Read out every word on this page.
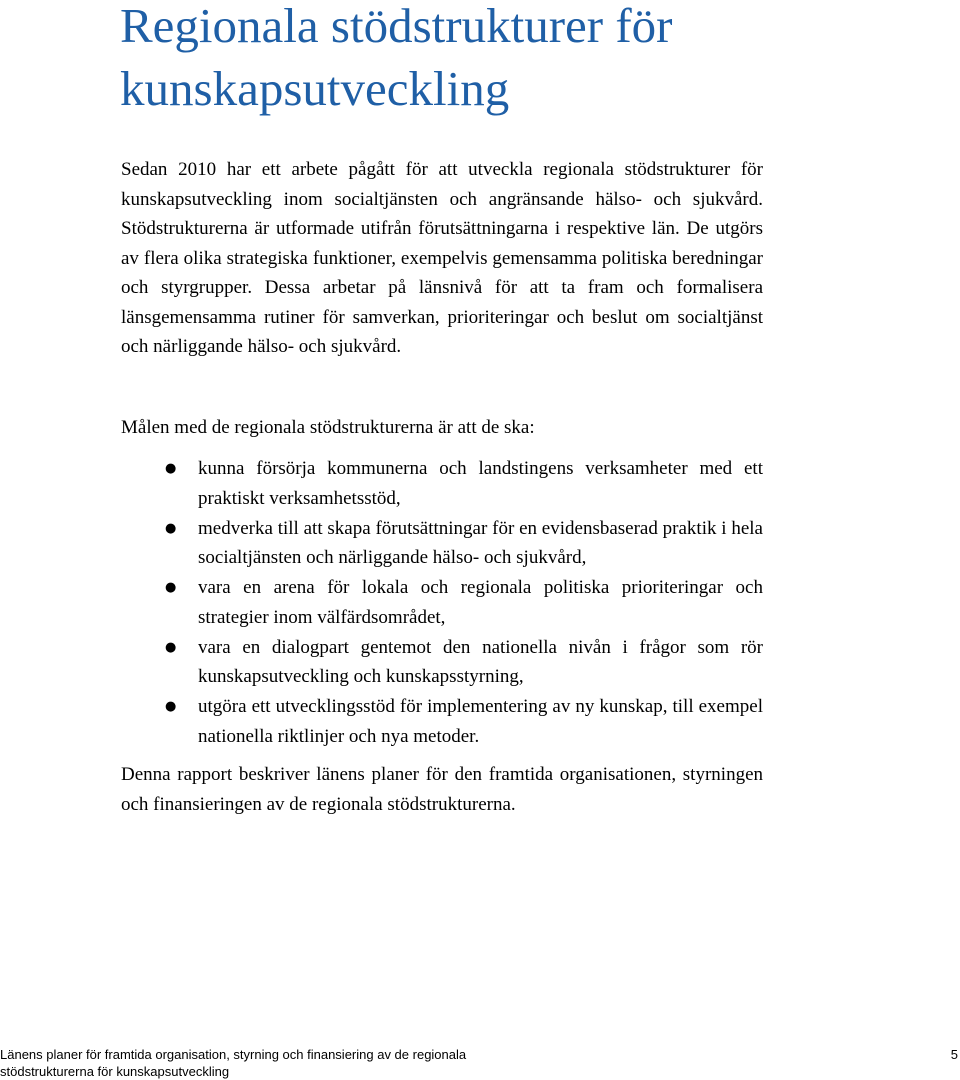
Regionala stödstrukturer för kunskapsutveckling

Sedan 2010 har ett arbete pågått för att utveckla regionala stödstrukturer för kunskapsutveckling inom socialtjänsten och angränsande hälso- och sjukvård. Stödstrukturerna är utformade utifrån förutsättningarna i respektive län. De utgörs av flera olika strategiska funktioner, exempelvis gemensamma politiska beredningar och styrgrupper. Dessa arbetar på länsnivå för att ta fram och formalisera länsgemensamma rutiner för samverkan, prioriteringar och beslut om socialtjänst och närliggande hälso- och sjukvård.

Målen med de regionala stödstrukturerna är att de ska:

● kunna försörja kommunerna och landstingens verksamheter med ett praktiskt verksamhetsstöd,
● medverka till att skapa förutsättningar för en evidensbaserad praktik i hela socialtjänsten och närliggande hälso- och sjukvård,
● vara en arena för lokala och regionala politiska prioriteringar och strategier inom välfärdsområdet,
● vara en dialogpart gentemot den nationella nivån i frågor som rör kunskapsutveckling och kunskapsstyrning,
● utgöra ett utvecklingsstöd för implementering av ny kunskap, till exempel nationella riktlinjer och nya metoder.

Denna rapport beskriver länens planer för den framtida organisationen, styrningen och finansieringen av de regionala stödstrukturerna.

Länens planer för framtida organisation, styrning och finansiering av de regionala stödstrukturerna för kunskapsutveckling
5
